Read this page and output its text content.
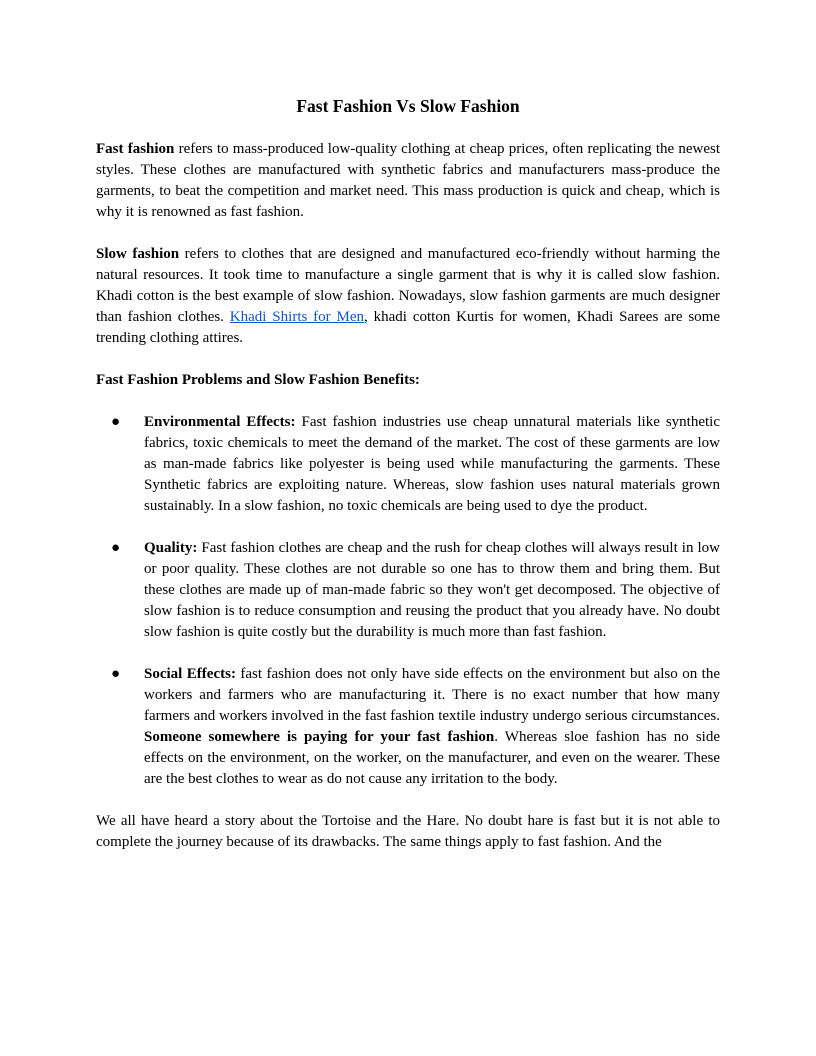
Fast Fashion Vs Slow Fashion

Fast fashion refers to mass-produced low-quality clothing at cheap prices, often replicating the newest styles. These clothes are manufactured with synthetic fabrics and manufacturers mass-produce the garments, to beat the competition and market need. This mass production is quick and cheap, which is why it is renowned as fast fashion.

Slow fashion refers to clothes that are designed and manufactured eco-friendly without harming the natural resources. It took time to manufacture a single garment that is why it is called slow fashion. Khadi cotton is the best example of slow fashion. Nowadays, slow fashion garments are much designer than fashion clothes. Khadi Shirts for Men, khadi cotton Kurtis for women, Khadi Sarees are some trending clothing attires.

Fast Fashion Problems and Slow Fashion Benefits:
● Environmental Effects: Fast fashion industries use cheap unnatural materials like synthetic fabrics, toxic chemicals to meet the demand of the market. The cost of these garments are low as man-made fabrics like polyester is being used while manufacturing the garments. These Synthetic fabrics are exploiting nature. Whereas, slow fashion uses natural materials grown sustainably. In a slow fashion, no toxic chemicals are being used to dye the product.
● Quality: Fast fashion clothes are cheap and the rush for cheap clothes will always result in low or poor quality. These clothes are not durable so one has to throw them and bring them. But these clothes are made up of man-made fabric so they won't get decomposed. The objective of slow fashion is to reduce consumption and reusing the product that you already have. No doubt slow fashion is quite costly but the durability is much more than fast fashion.
● Social Effects: fast fashion does not only have side effects on the environment but also on the workers and farmers who are manufacturing it. There is no exact number that how many farmers and workers involved in the fast fashion textile industry undergo serious circumstances. Someone somewhere is paying for your fast fashion. Whereas sloe fashion has no side effects on the environment, on the worker, on the manufacturer, and even on the wearer. These are the best clothes to wear as do not cause any irritation to the body.

We all have heard a story about the Tortoise and the Hare. No doubt hare is fast but it is not able to complete the journey because of its drawbacks. The same things apply to fast fashion. And the
